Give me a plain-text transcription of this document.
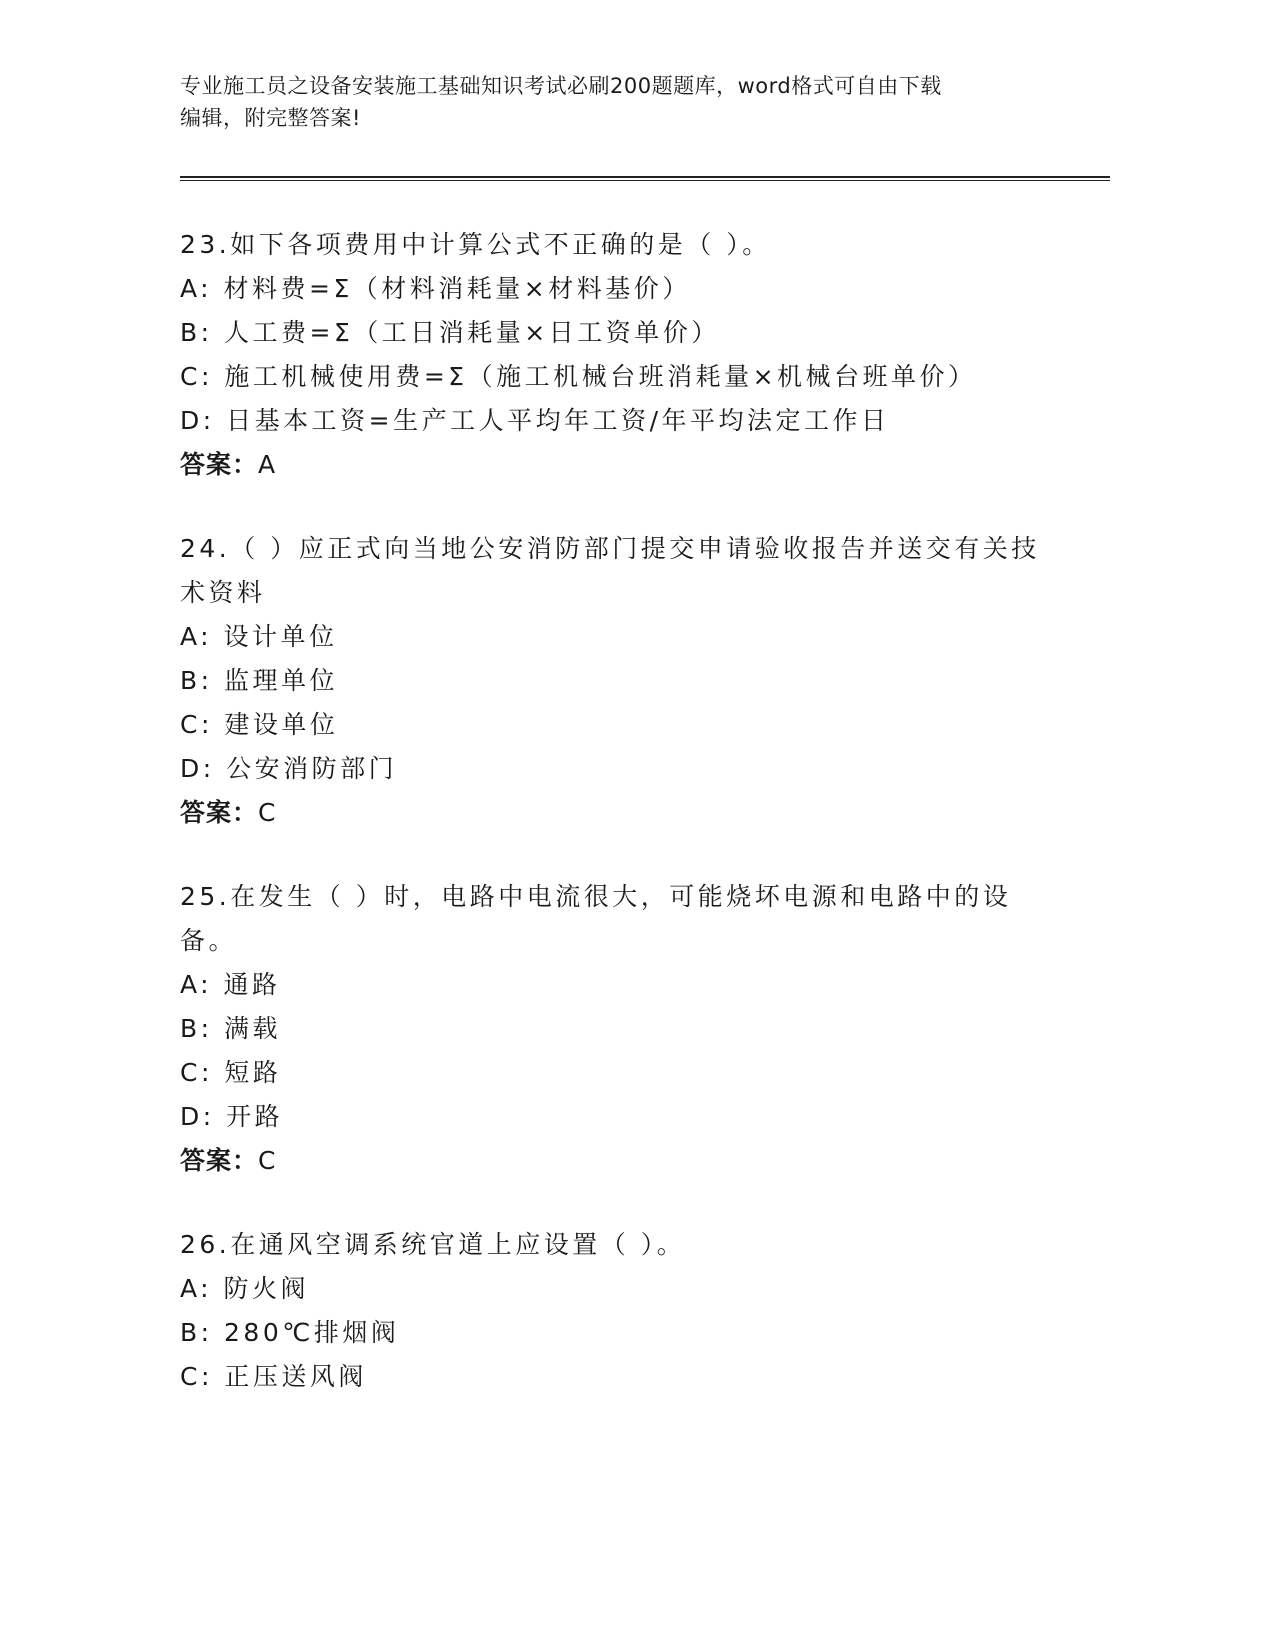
专业施工员之设备安装施工基础知识考试必刷200题题库，word格式可自由下载
编辑，附完整答案!
23.如下各项费用中计算公式不正确的是（ ）。
A: 材料费=Σ（材料消耗量×材料基价）
B: 人工费=Σ（工日消耗量×日工资单价）
C: 施工机械使用费=Σ（施工机械台班消耗量×机械台班单价）
D: 日基本工资=生产工人平均年工资/年平均法定工作日
答案：A
24.（ ）应正式向当地公安消防部门提交申请验收报告并送交有关技术资料
A: 设计单位
B: 监理单位
C: 建设单位
D: 公安消防部门
答案：C
25.在发生（ ）时，电路中电流很大，可能烧坏电源和电路中的设备。
A: 通路
B: 满载
C: 短路
D: 开路
答案：C
26.在通风空调系统官道上应设置（ ）。
A: 防火阀
B: 280℃排烟阀
C: 正压送风阀
